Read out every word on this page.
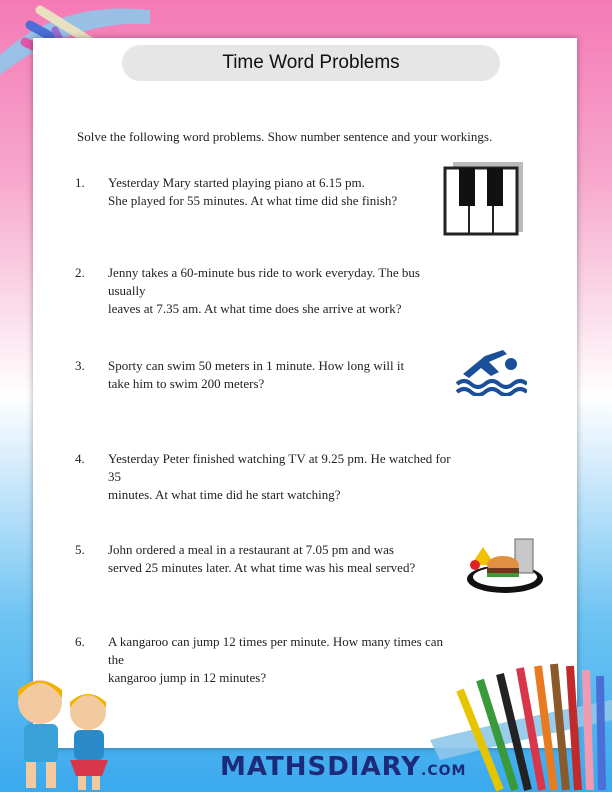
Time Word Problems
Solve the following word problems. Show number sentence and your workings.
1. Yesterday Mary started playing piano at 6.15 pm.
She played for 55 minutes. At what time did she finish?
2. Jenny takes a 60-minute bus ride to work everyday. The bus usually
leaves at 7.35 am. At what time does she arrive at work?
3. Sporty can swim 50 meters in 1 minute. How long will it
take him to swim 200 meters?
4. Yesterday Peter finished watching TV at 9.25 pm. He watched for 35
minutes. At what time did he start watching?
5. John ordered a meal in a restaurant at 7.05 pm and was
served 25 minutes later. At what time was his meal served?
6. A kangaroo can jump 12 times per minute. How many times can the
kangaroo jump in 12 minutes?
MATHSDIARY.COM
